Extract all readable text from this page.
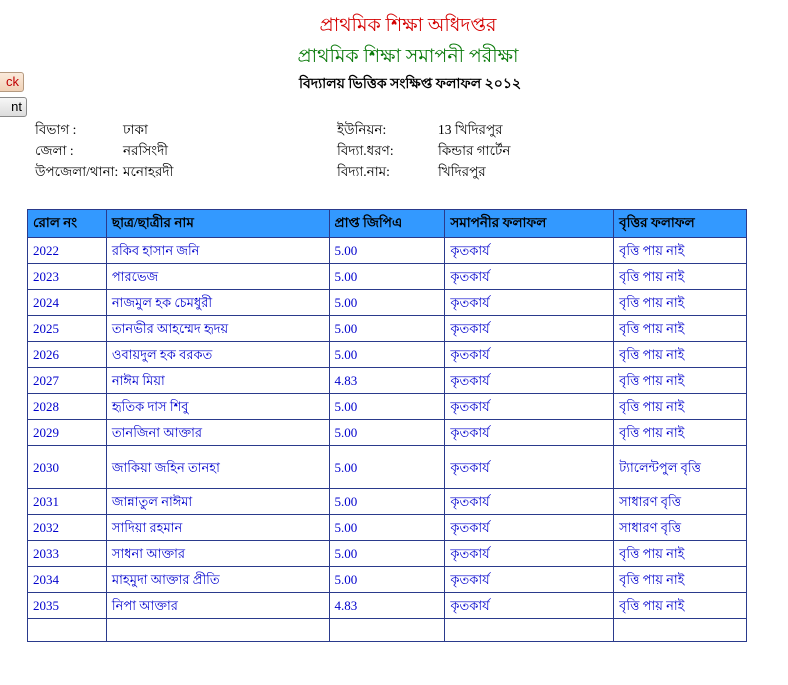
প্রাথমিক শিক্ষা অধিদপ্তর
প্রাথমিক শিক্ষা সমাপনী পরীক্ষা
বিদ্যালয় ভিত্তিক সংক্ষিপ্ত ফলাফল ২০১২
ck
nt
বিভাগ :	ঢাকা
জেলা :	নরসিংদী
উপজেলা/থানা: মনোহরদী
ইউনিয়ন:	13 খিদিরপুর
বিদ্যা.ধরণ:	কিন্ডার গার্টেন
বিদ্যা.নাম:	খিদিরপুর
রোল নং	ছাত্র/ছাত্রীর নাম	প্রাপ্ত জিপিএ	সমাপনীর ফলাফল	বৃত্তির ফলাফল
2022	রকিব হাসান জনি	5.00	কৃতকার্য	বৃত্তি পায় নাই
2023	পারভেজ	5.00	কৃতকার্য	বৃত্তি পায় নাই
2024	নাজমুল হক চেমধুরী	5.00	কৃতকার্য	বৃত্তি পায় নাই
2025	তানভীর আহম্মেদ হৃদয়	5.00	কৃতকার্য	বৃত্তি পায় নাই
2026	ওবায়দুল হক বরকত	5.00	কৃতকার্য	বৃত্তি পায় নাই
2027	নাঈম মিয়া	4.83	কৃতকার্য	বৃত্তি পায় নাই
2028	হৃতিক দাস শিবু	5.00	কৃতকার্য	বৃত্তি পায় নাই
2029	তানজিনা আক্তার	5.00	কৃতকার্য	বৃত্তি পায় নাই
2030	জাকিয়া জহিন তানহা	5.00	কৃতকার্য	ট্যালেন্টপুল বৃত্তি
2031	জান্নাতুল নাঈমা	5.00	কৃতকার্য	সাধারণ বৃত্তি
2032	সাদিয়া রহমান	5.00	কৃতকার্য	সাধারণ বৃত্তি
2033	সাধনা আক্তার	5.00	কৃতকার্য	বৃত্তি পায় নাই
2034	মাহমুদা আক্তার প্রীতি	5.00	কৃতকার্য	বৃত্তি পায় নাই
2035	নিপা আক্তার	4.83	কৃতকার্য	বৃত্তি পায় নাই
